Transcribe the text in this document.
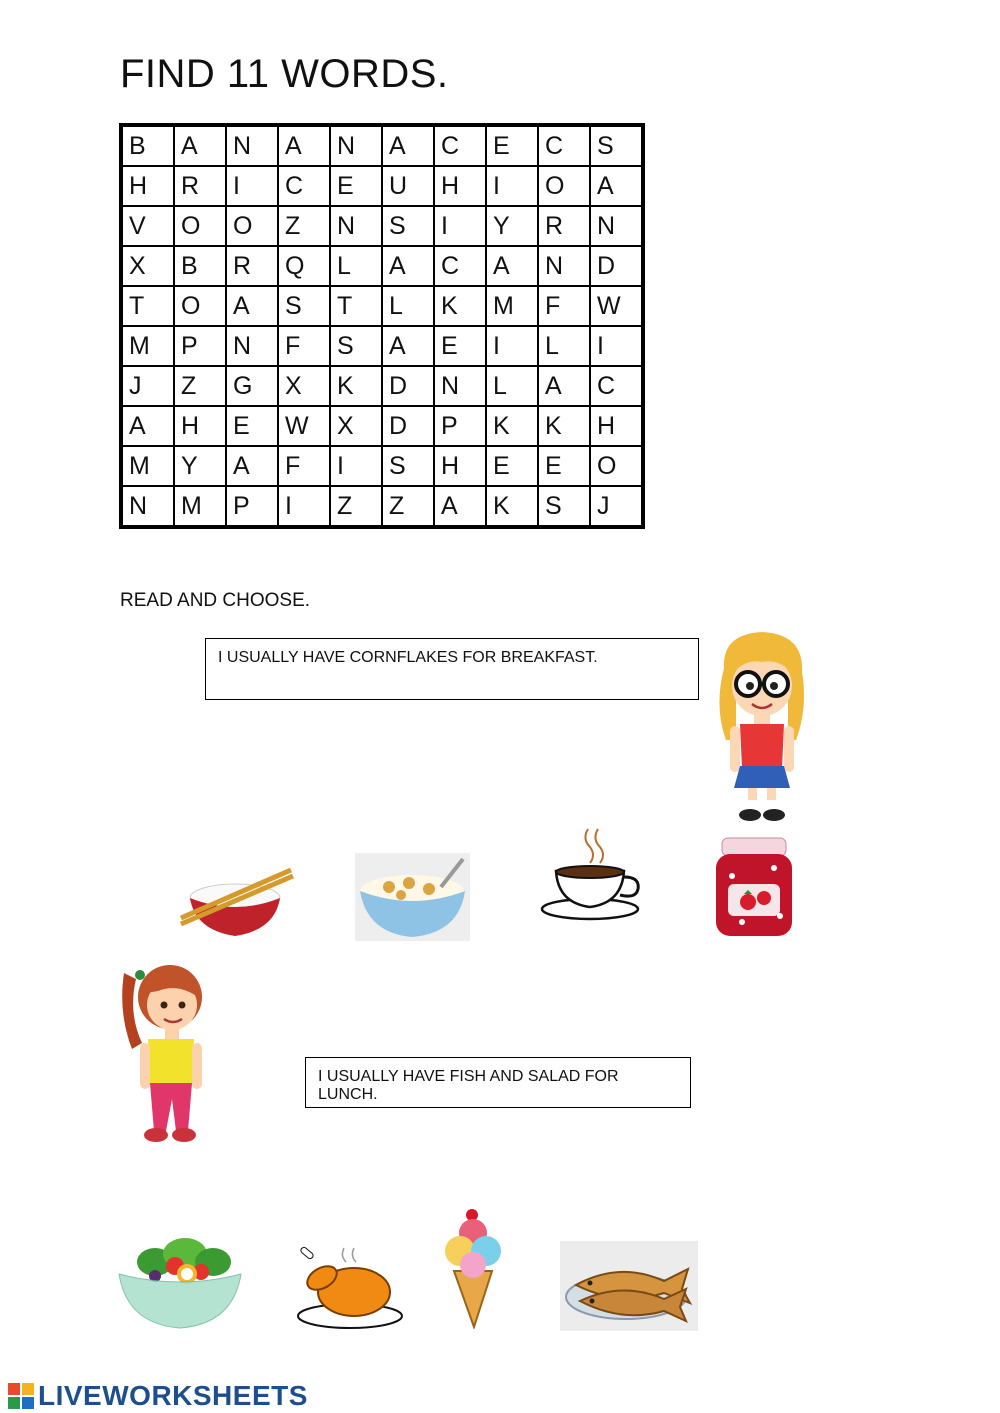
FIND 11 WORDS.
B	A	N	A	N	A	C	E	C	S
H	R	I	C	E	U	H	I	O	A
V	O	O	Z	N	S	I	Y	R	N
X	B	R	Q	L	A	C	A	N	D
T	O	A	S	T	L	K	M	F	W
M	P	N	F	S	A	E	I	L	I
J	Z	G	X	K	D	N	L	A	C
A	H	E	W	X	D	P	K	K	H
M	Y	A	F	I	S	H	E	E	O
N	M	P	I	Z	Z	A	K	S	J
READ AND CHOOSE.
I USUALLY HAVE CORNFLAKES FOR BREAKFAST.
I USUALLY HAVE FISH AND SALAD FOR LUNCH.
LIVEWORKSHEETS
